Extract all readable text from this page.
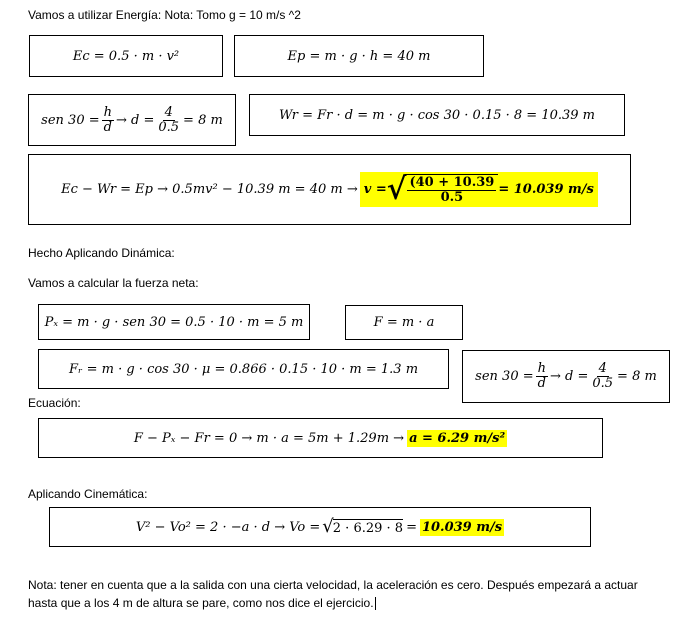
Vamos a utilizar Energía: Nota: Tomo g = 10 m/s ^2
Ec = 0.5 · m · v²	Ep = m · g · h = 40 m
sen $30 = \frac{h}{d} \to d = \frac{4}{0.5} = 8$ m	Wr = Fr · d = m · g · cos 30 · 0.15 · 8 = 10.39 m
Ec − Wr = Ep → 0.5mv² − 10.39 m = 40 m → v = √ $\frac{(40 + 10.39}{0.5} = 10.039$ m/s
Hecho Aplicando Dinámica:
Vamos a calcular la fuerza neta:
Pₓ = m · g · sen 30 = 0.5 · 10 · m = 5 m	F = m · a
Fᵣ = m · g · cos 30 · μ = 0.866 · 0.15 · 10 · m = 1.3 m	sen $30 = \frac{h}{d} \to d = \frac{4}{0.5} = 8$ m
Ecuación:
F − Pₓ − Fr = 0 → m · a = 5m + 1.29m → a = 6.29 m/s²
Aplicando Cinemática:
V² − Vo² = 2 · −a · d → Vo = √ 2 · 6.29 · 8 = 10.039 m/s
Nota: tener en cuenta que a la salida con una cierta velocidad, la aceleración es cero. Después empezará a actuar hasta que a los 4 m de altura se pare, como nos dice el ejercicio.
